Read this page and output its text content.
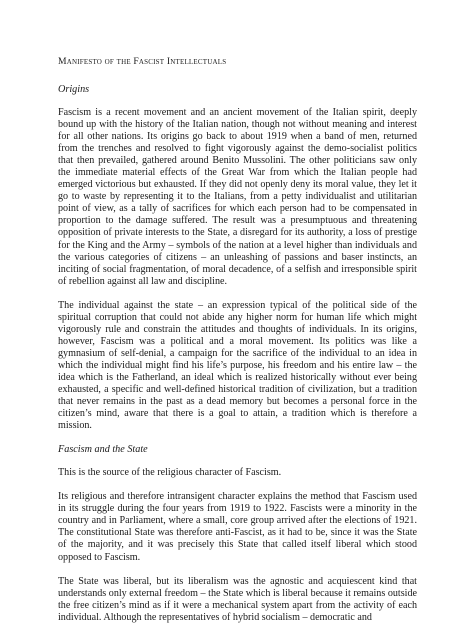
Manifesto of the Fascist Intellectuals
Origins

Fascism is a recent movement and an ancient movement of the Italian spirit, deeply bound up with the history of the Italian nation, though not without meaning and interest for all other nations. Its origins go back to about 1919 when a band of men, returned from the trenches and resolved to fight vigorously against the demo-socialist politics that then prevailed, gathered around Benito Mussolini. The other politicians saw only the immediate material effects of the Great War from which the Italian people had emerged victorious but exhausted. If they did not openly deny its moral value, they let it go to waste by representing it to the Italians, from a petty individualist and utilitarian point of view, as a tally of sacrifices for which each person had to be compensated in proportion to the damage suffered. The result was a presumptuous and threatening opposition of private interests to the State, a disregard for its authority, a loss of prestige for the King and the Army – symbols of the nation at a level higher than individuals and the various categories of citizens – an unleashing of passions and baser instincts, an inciting of social fragmentation, of moral decadence, of a selfish and irresponsible spirit of rebellion against all law and discipline.

The individual against the state – an expression typical of the political side of the spiritual corruption that could not abide any higher norm for human life which might vigorously rule and constrain the attitudes and thoughts of individuals. In its origins, however, Fascism was a political and a moral movement. Its politics was like a gymnasium of self-denial, a campaign for the sacrifice of the individual to an idea in which the individual might find his life’s purpose, his freedom and his entire law – the idea which is the Fatherland, an ideal which is realized historically without ever being exhausted, a specific and well-defined historical tradition of civilization, but a tradition that never remains in the past as a dead memory but becomes a personal force in the citizen’s mind, aware that there is a goal to attain, a tradition which is therefore a mission.

Fascism and the State

This is the source of the religious character of Fascism.

Its religious and therefore intransigent character explains the method that Fascism used in its struggle during the four years from 1919 to 1922. Fascists were a minority in the country and in Parliament, where a small, core group arrived after the elections of 1921. The constitutional State was therefore anti-Fascist, as it had to be, since it was the State of the majority, and it was precisely this State that called itself liberal which stood opposed to Fascism.

The State was liberal, but its liberalism was the agnostic and acquiescent kind that understands only external freedom – the State which is liberal because it remains outside the free citizen’s mind as if it were a mechanical system apart from the activity of each individual. Although the representatives of hybrid socialism – democratic and
